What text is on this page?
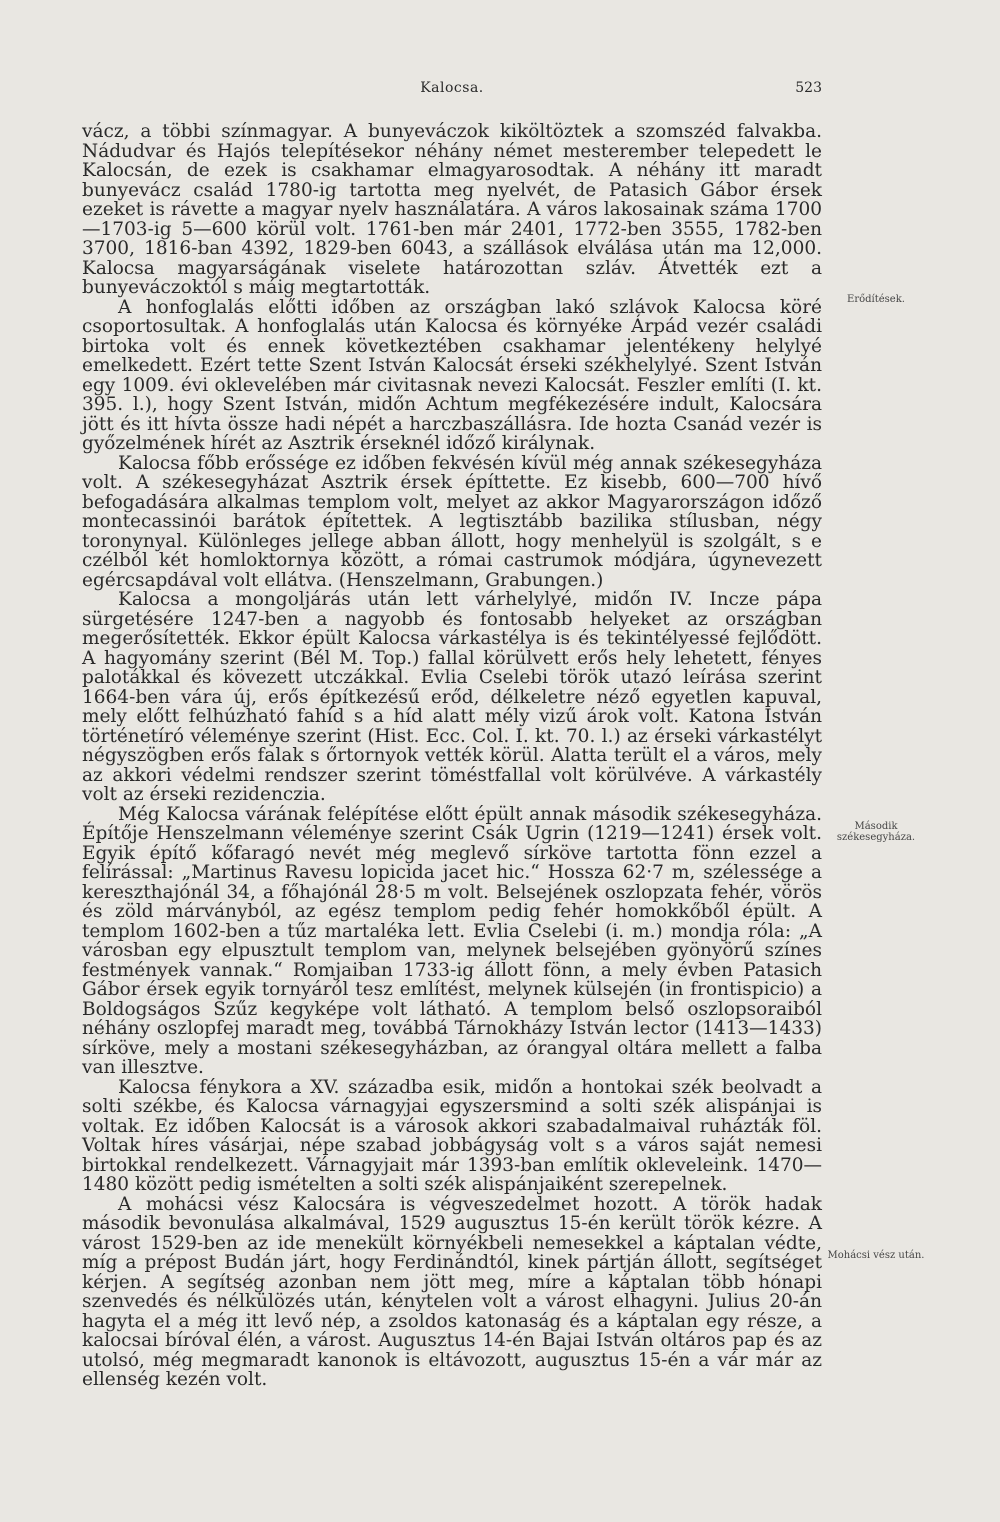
Kalocsa.	523

vácz, a többi színmagyar. A bunyeváczok kiköltöztek a szomszéd falvakba. Nádudvar és Hajós telepítésekor néhány német mesterember telepedett le Kalocsán, de ezek is csakhamar elmagyarosodtak. A néhány itt maradt bunyevácz család 1780-ig tartotta meg nyelvét, de Patasich Gábor érsek ezeket is rávette a magyar nyelv használatára. A város lakosainak száma 1700—1703-ig 5—600 körül volt. 1761-ben már 2401, 1772-ben 3555, 1782-ben 3700, 1816-ban 4392, 1829-ben 6043, a szállások elválása után ma 12,000. Kalocsa magyarságának viselete határozottan szláv. Átvették ezt a bunyeváczoktól s máig megtartották.

A honfoglalás előtti időben az országban lakó szlávok Kalocsa köré csoportosultak. A honfoglalás után Kalocsa és környéke Árpád vezér családi birtoka volt és ennek következtében csakhamar jelentékeny helylyé emelkedett. Ezért tette Szent István Kalocsát érseki székhelylyé. Szent István egy 1009. évi oklevelében már civitasnak nevezi Kalocsát. Feszler említi (I. kt. 395. l.), hogy Szent István, midőn Achtum megfékezésére indult, Kalocsára jött és itt hívta össze hadi népét a harczbaszállásra. Ide hozta Csanád vezér is győzelmének hírét az Asztrik érseknél időző királynak.

Kalocsa főbb erőssége ez időben fekvésén kívül még annak székesegyháza volt. A székesegyházat Asztrik érsek építtette. Ez kisebb, 600—700 hívő befogadására alkalmas templom volt, melyet az akkor Magyarországon időző montecassinói barátok építettek. A legtisztább bazilika stílusban, négy toronynyal. Különleges jellege abban állott, hogy menhelyül is szolgált, s e czélból két homloktornya között, a római castrumok módjára, úgynevezett egércsapdával volt ellátva. (Henszelmann, Grabungen.)

Kalocsa a mongoljárás után lett várhelylyé, midőn IV. Incze pápa sürgetésére 1247-ben a nagyobb és fontosabb helyeket az országban megerősítették. Ekkor épült Kalocsa várkastélya is és tekintélyessé fejlődött. A hagyomány szerint (Bél M. Top.) fallal körülvett erős hely lehetett, fényes palotákkal és kövezett utczákkal. Evlia Cselebi török utazó leírása szerint 1664-ben vára új, erős építkezésű erőd, délkeletre néző egyetlen kapuval, mely előtt felhúzható fahíd s a híd alatt mély vizű árok volt. Katona István történetíró véleménye szerint (Hist. Ecc. Col. I. kt. 70. l.) az érseki várkastélyt négyszögben erős falak s őrtornyok vették körül. Alatta terült el a város, mely az akkori védelmi rendszer szerint töméstfallal volt körülvéve. A várkastély volt az érseki rezidenczia.

Még Kalocsa várának felépítése előtt épült annak második székesegyháza. Építője Henszelmann véleménye szerint Csák Ugrin (1219—1241) érsek volt. Egyik építő kőfaragó nevét még meglevő sírköve tartotta fönn ezzel a felírással: „Martinus Ravesu lopicida jacet hic.“ Hossza 62·7 m, szélessége a kereszthajónál 34, a főhajónál 28·5 m volt. Belsejének oszlopzata fehér, vörös és zöld márványból, az egész templom pedig fehér homokkőből épült. A templom 1602-ben a tűz martaléka lett. Evlia Cselebi (i. m.) mondja róla: „A városban egy elpusztult templom van, melynek belsejében gyönyörű színes festmények vannak.“ Romjaiban 1733-ig állott fönn, a mely évben Patasich Gábor érsek egyik tornyáról tesz említést, melynek külsején (in frontispicio) a Boldogságos Szűz kegyképe volt látható. A templom belső oszlopsoraiból néhány oszlopfej maradt meg, továbbá Tárnokházy István lector (1413—1433) sírköve, mely a mostani székesegyházban, az órangyal oltára mellett a falba van illesztve.

Kalocsa fénykora a XV. századba esik, midőn a hontokai szék beolvadt a solti székbe, és Kalocsa várnagyjai egyszersmind a solti szék alispánjai is voltak. Ez időben Kalocsát is a városok akkori szabadalmaival ruházták föl. Voltak híres vásárjai, népe szabad jobbágyság volt s a város saját nemesi birtokkal rendelkezett. Várnagyjait már 1393-ban említik okleveleink. 1470—1480 között pedig ismételten a solti szék alispánjaiként szerepelnek.

A mohácsi vész Kalocsára is végveszedelmet hozott. A török hadak második bevonulása alkalmával, 1529 augusztus 15-én került török kézre. A várost 1529-ben az ide menekült környékbeli nemesekkel a káptalan védte, míg a prépost Budán járt, hogy Ferdinándtól, kinek pártján állott, segítséget kérjen. A segítség azonban nem jött meg, míre a káptalan több hónapi szenvedés és nélkülözés után, kénytelen volt a várost elhagyni. Julius 20-án hagyta el a még itt levő nép, a zsoldos katonaság és a káptalan egy része, a kalocsai bíróval élén, a várost. Augusztus 14-én Bajai István oltáros pap és az utolsó, még megmaradt kanonok is eltávozott, augusztus 15-én a vár már az ellenség kezén volt.

Erődítések.
Második székesegyháza.
Mohácsi vész után.
